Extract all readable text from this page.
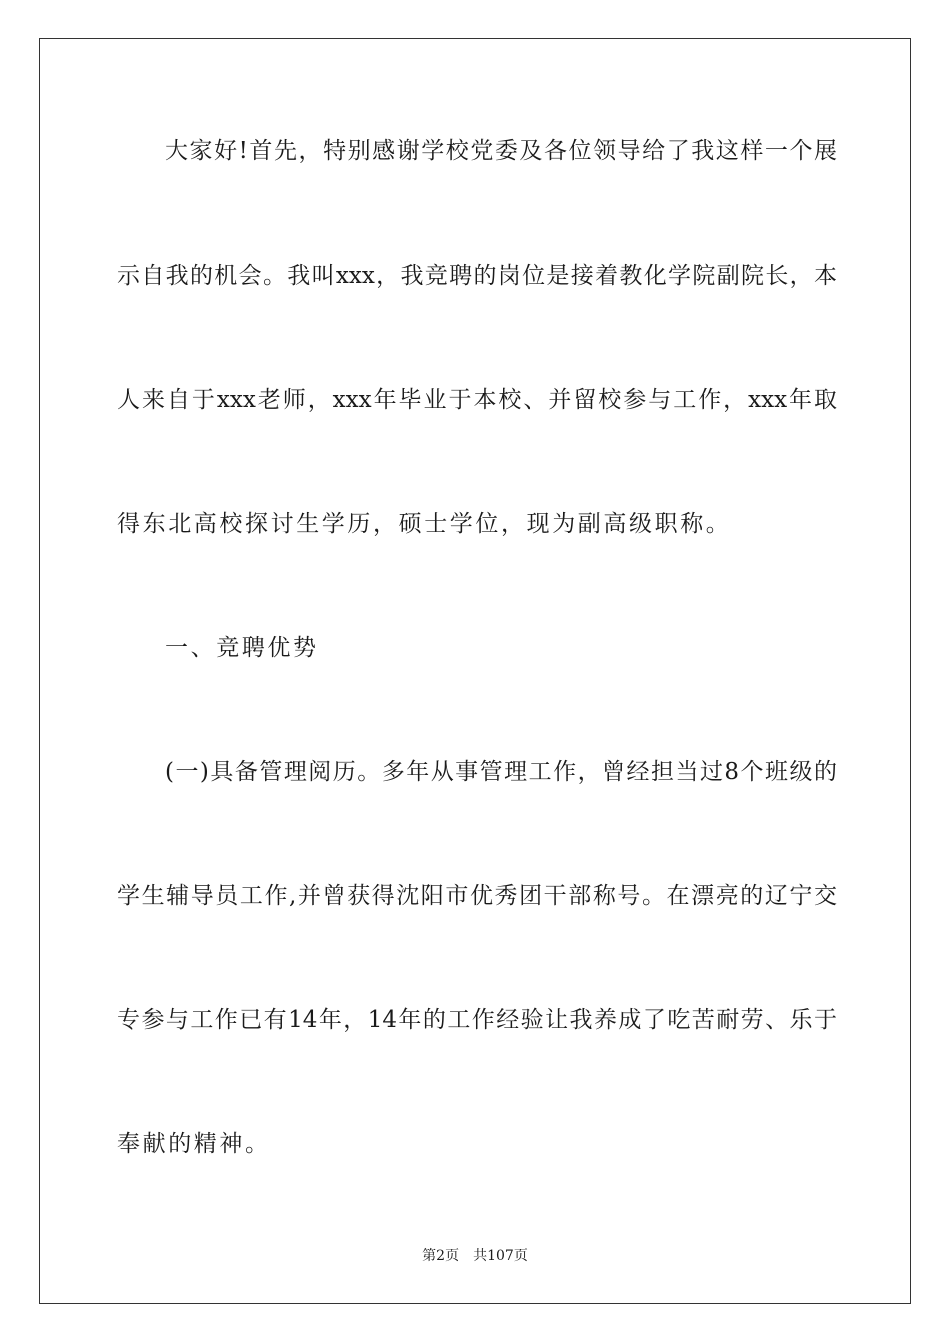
大家好!首先，特别感谢学校党委及各位领导给了我这样一个展
示自我的机会。我叫xxx，我竞聘的岗位是接着教化学院副院长，本
人来自于xxx老师，xxx年毕业于本校、并留校参与工作，xxx年取
得东北高校探讨生学历，硕士学位，现为副高级职称。
一、竞聘优势
(一)具备管理阅历。多年从事管理工作，曾经担当过8个班级的
学生辅导员工作,并曾获得沈阳市优秀团干部称号。在漂亮的辽宁交
专参与工作已有14年，14年的工作经验让我养成了吃苦耐劳、乐于
奉献的精神。
第2页 共107页
